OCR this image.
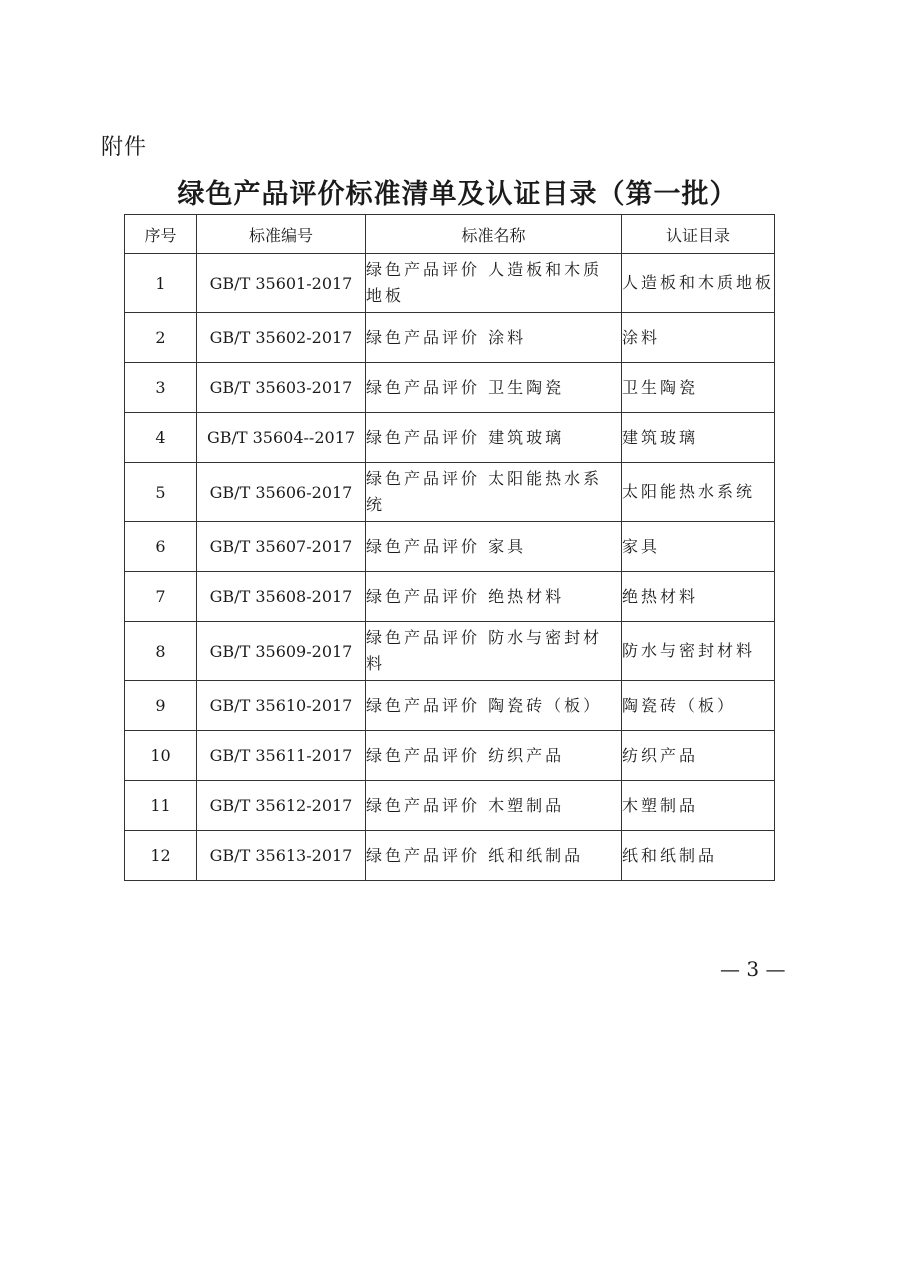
附件
绿色产品评价标准清单及认证目录（第一批）
序号	标准编号	标准名称	认证目录
1	GB/T 35601-2017	绿色产品评价 人造板和木质地板	人造板和木质地板
2	GB/T 35602-2017	绿色产品评价 涂料	涂料
3	GB/T 35603-2017	绿色产品评价 卫生陶瓷	卫生陶瓷
4	GB/T 35604--2017	绿色产品评价 建筑玻璃	建筑玻璃
5	GB/T 35606-2017	绿色产品评价 太阳能热水系统	太阳能热水系统
6	GB/T 35607-2017	绿色产品评价 家具	家具
7	GB/T 35608-2017	绿色产品评价 绝热材料	绝热材料
8	GB/T 35609-2017	绿色产品评价 防水与密封材料	防水与密封材料
9	GB/T 35610-2017	绿色产品评价 陶瓷砖（板）	陶瓷砖（板）
10	GB/T 35611-2017	绿色产品评价 纺织产品	纺织产品
11	GB/T 35612-2017	绿色产品评价 木塑制品	木塑制品
12	GB/T 35613-2017	绿色产品评价 纸和纸制品	纸和纸制品
— 3 —
